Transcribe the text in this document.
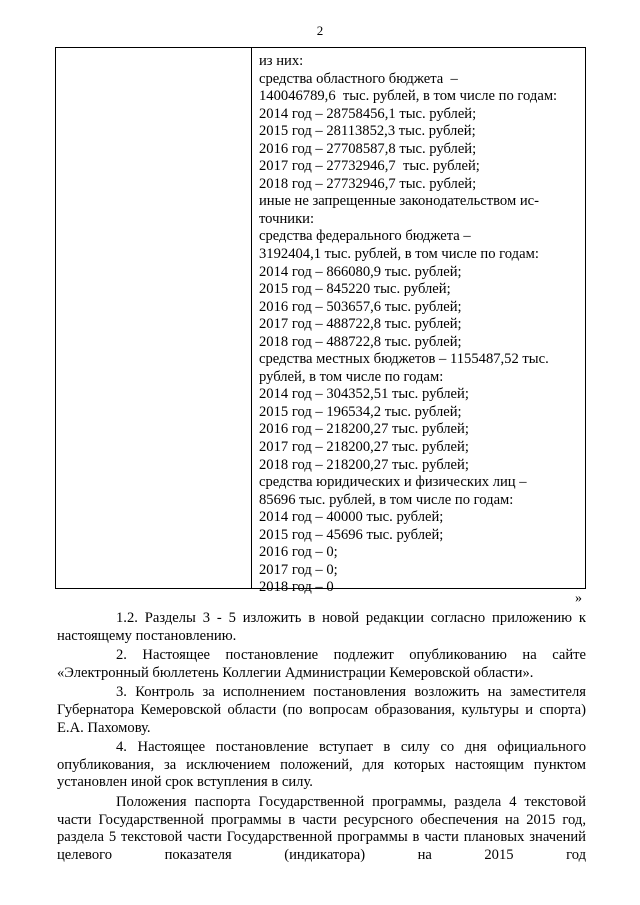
2
из них:
средства областного бюджета  –
140046789,6  тыс. рублей, в том числе по годам:
2014 год – 28758456,1 тыс. рублей;
2015 год – 28113852,3 тыс. рублей;
2016 год – 27708587,8 тыс. рублей;
2017 год – 27732946,7  тыс. рублей;
2018 год – 27732946,7 тыс. рублей;
иные не запрещенные законодательством ис-
точники:
средства федерального бюджета –
3192404,1 тыс. рублей, в том числе по годам:
2014 год – 866080,9 тыс. рублей;
2015 год – 845220 тыс. рублей;
2016 год – 503657,6 тыс. рублей;
2017 год – 488722,8 тыс. рублей;
2018 год – 488722,8 тыс. рублей;
средства местных бюджетов – 1155487,52 тыс.
рублей, в том числе по годам:
2014 год – 304352,51 тыс. рублей;
2015 год – 196534,2 тыс. рублей;
2016 год – 218200,27 тыс. рублей;
2017 год – 218200,27 тыс. рублей;
2018 год – 218200,27 тыс. рублей;
средства юридических и физических лиц –
85696 тыс. рублей, в том числе по годам:
2014 год – 40000 тыс. рублей;
2015 год – 45696 тыс. рублей;
2016 год – 0;
2017 год – 0;
2018 год – 0
»

1.2. Разделы 3 - 5 изложить в новой редакции согласно приложению к настоящему постановлению.

2. Настоящее постановление подлежит опубликованию на сайте «Электронный бюллетень Коллегии Администрации Кемеровской области».

3. Контроль за исполнением постановления возложить на заместителя Губернатора Кемеровской области (по вопросам образования, культуры и спорта) Е.А. Пахомову.

4. Настоящее постановление вступает в силу со дня официального опубликования, за исключением положений, для которых настоящим пунктом установлен иной срок вступления в силу.

Положения паспорта Государственной программы, раздела 4 текстовой части Государственной программы в части ресурсного обеспечения на 2015 год, раздела 5 текстовой части Государственной программы в части плановых значений целевого показателя (индикатора) на 2015 год
